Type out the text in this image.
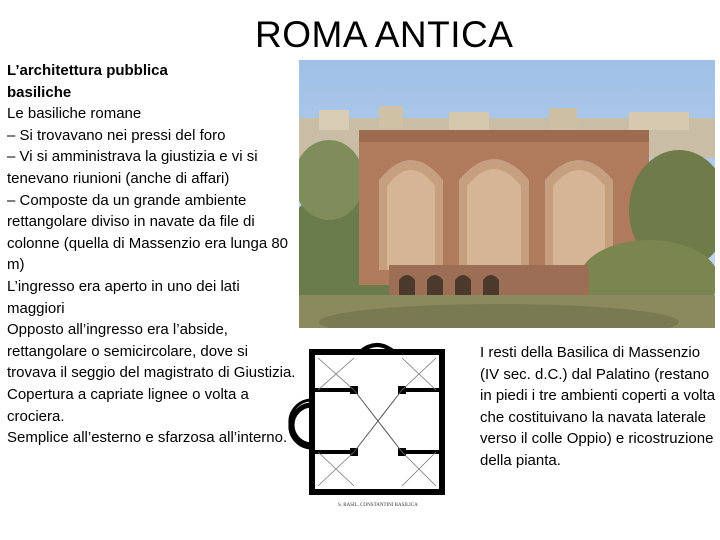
ROMA ANTICA
L’architettura pubblica
basiliche
Le basiliche romane
– Si trovavano nei pressi del foro
– Vi si amministrava la giustizia e vi si tenevano riunioni (anche di affari)
– Composte da un grande ambiente rettangolare diviso in navate da file di colonne (quella di Massenzio era lunga 80 m)
L’ingresso era aperto in uno dei lati maggiori
Opposto all’ingresso era l’abside, rettangolare o semicircolare, dove si trovava il seggio del magistrato di Giustizia.
Copertura a capriate lignee o volta a crociera.
Semplice all’esterno e sfarzosa all’interno.
S. BASIL. CONSTANTINI BASILICA
I resti della Basilica di Massenzio (IV sec. d.C.) dal Palatino (restano in piedi i tre ambienti coperti a volta che costituivano la navata laterale verso il colle Oppio) e ricostruzione della pianta.
